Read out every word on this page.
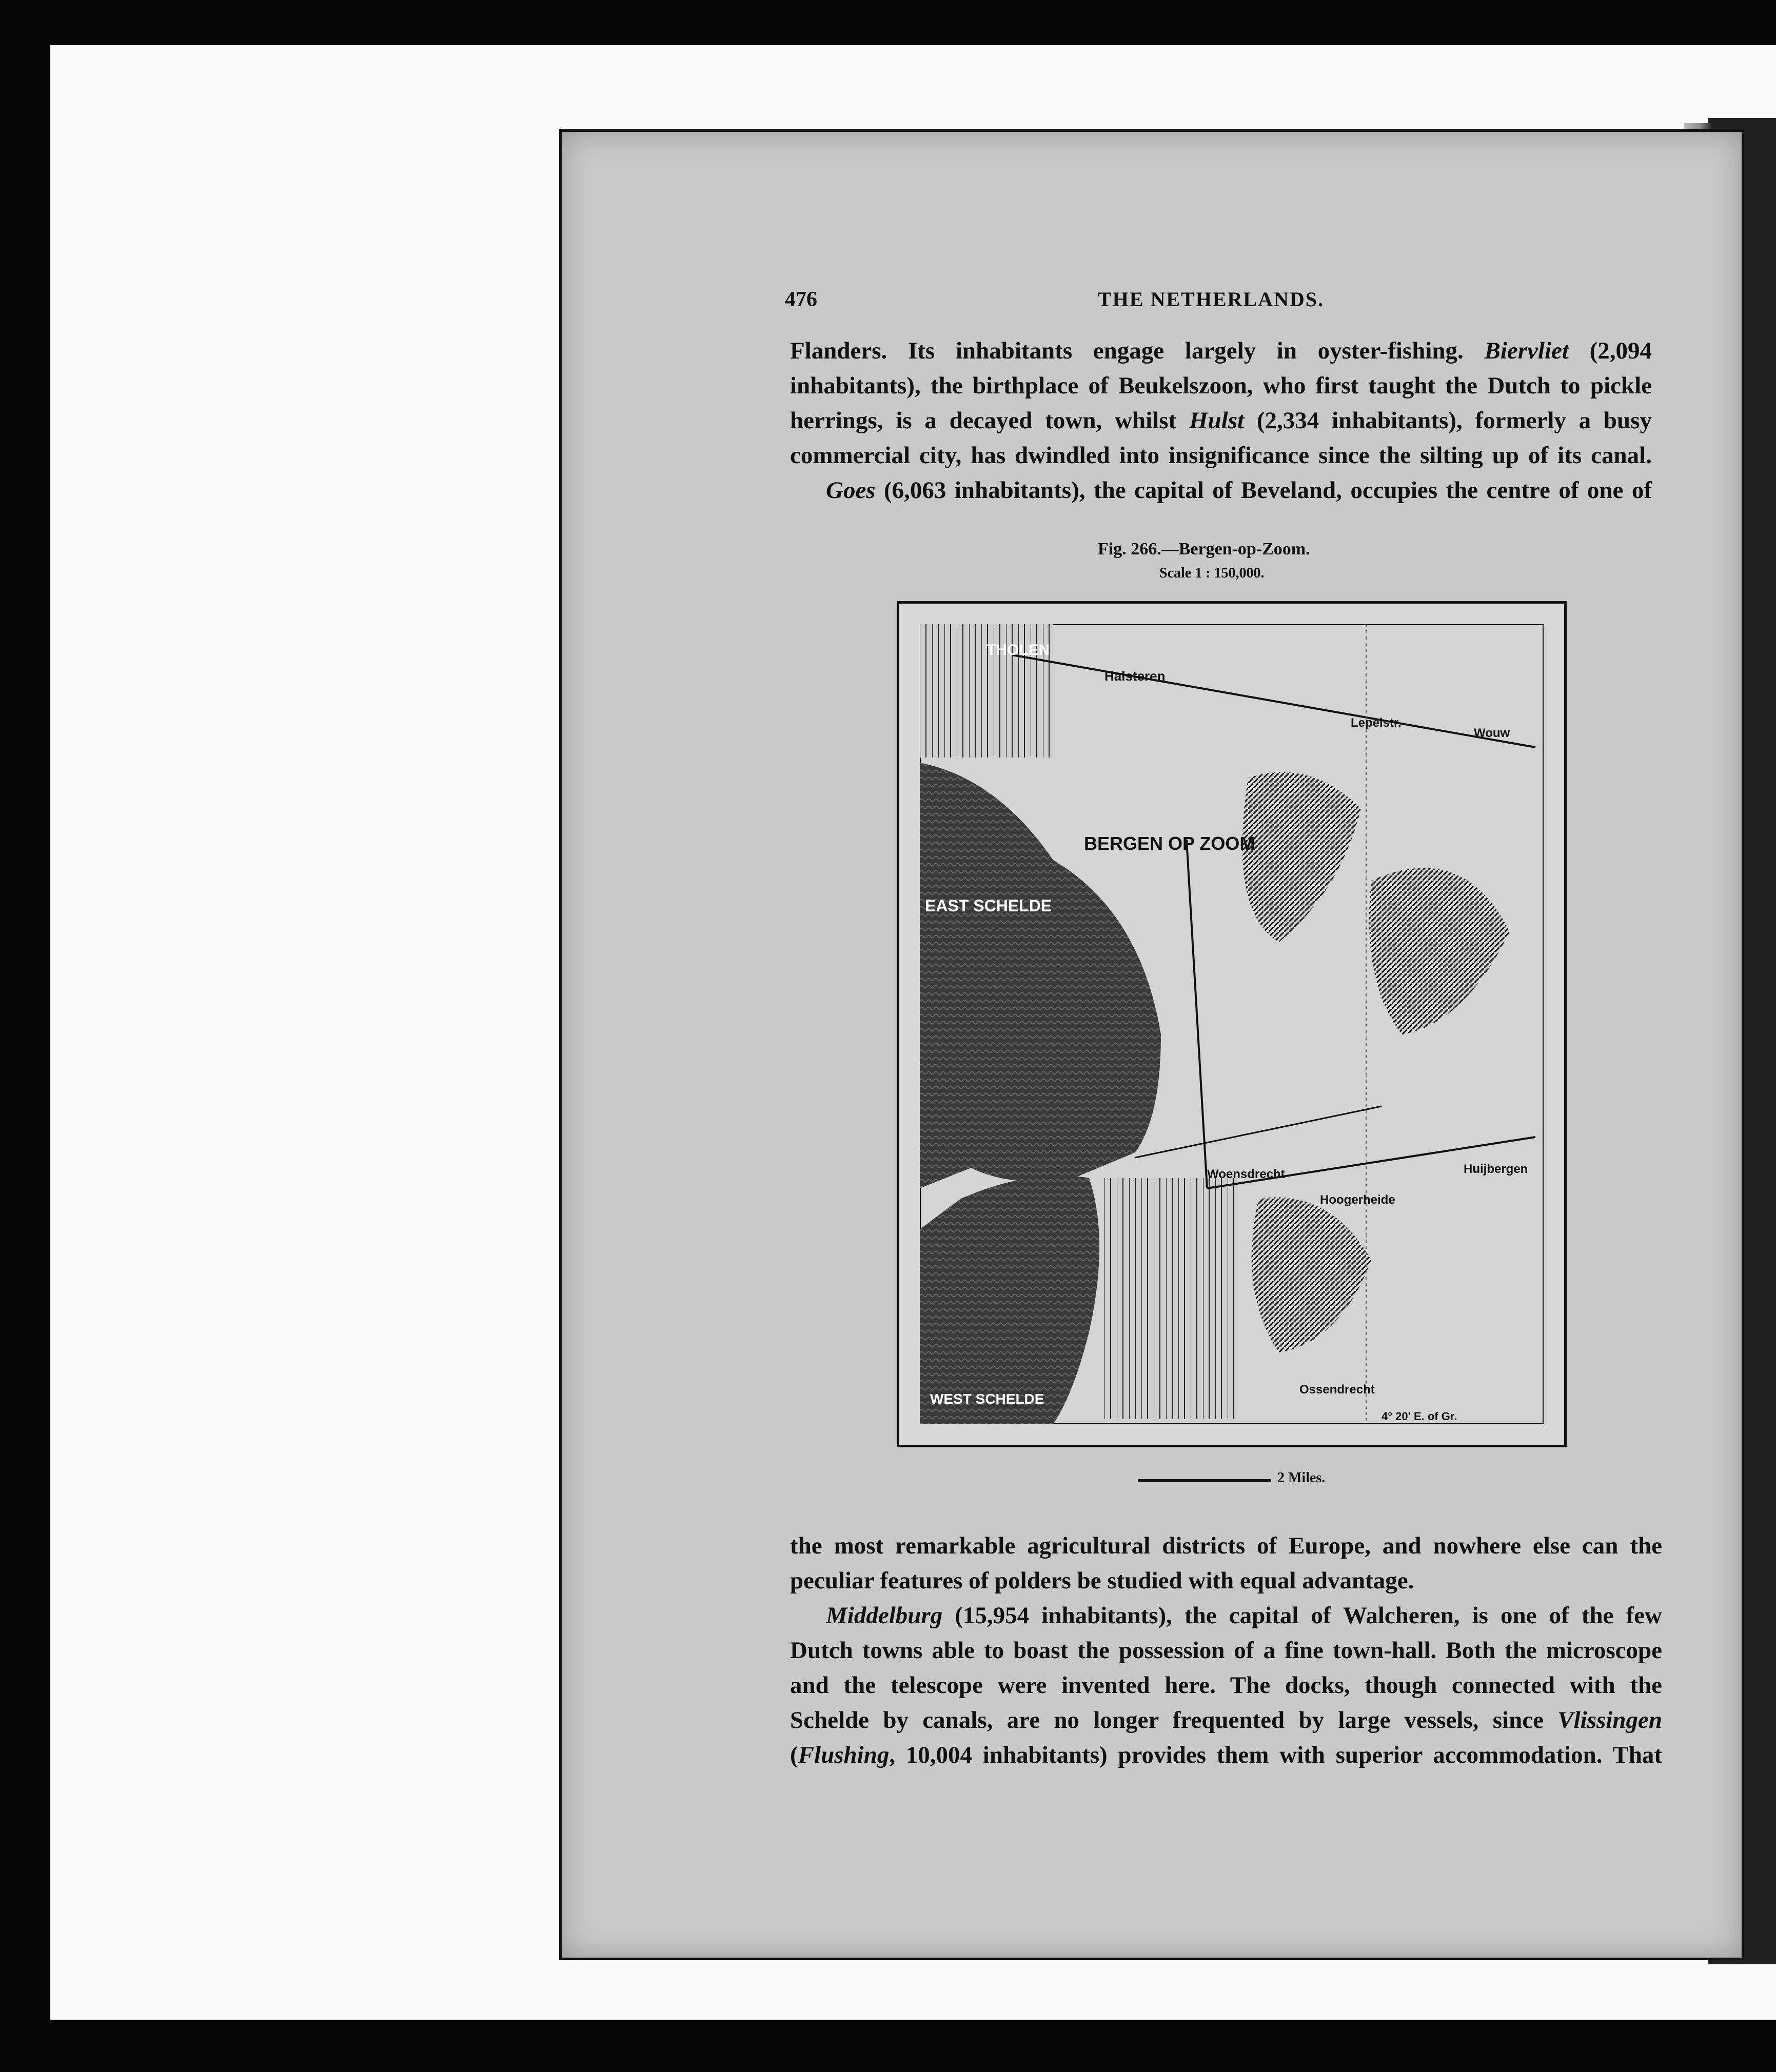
476	THE NETHERLANDS.
Flanders. Its inhabitants engage largely in oyster-fishing. Biervliet (2,094
inhabitants), the birthplace of Beukelszoon, who first taught the Dutch to pickle
herrings, is a decayed town, whilst Hulst (2,334 inhabitants), formerly a busy
commercial city, has dwindled into insignificance since the silting up of its canal.
Goes (6,063 inhabitants), the capital of Beveland, occupies the centre of one of
Fig. 266.—Bergen-op-Zoom.
Scale 1 : 150,000.
THOLEN
Halsteren
Lepelstr.
Wouw
BERGEN OP ZOOM
EAST SCHELDE
Woensdrecht
Hoogerheide
Huijbergen
Ossendrecht
WEST SCHELDE
4° 20' E. of Gr.
2 Miles.
the most remarkable agricultural districts of Europe, and nowhere else can the
peculiar features of polders be studied with equal advantage.
Middelburg (15,954 inhabitants), the capital of Walcheren, is one of the few
Dutch towns able to boast the possession of a fine town-hall. Both the microscope
and the telescope were invented here. The docks, though connected with the
Schelde by canals, are no longer frequented by large vessels, since Vlissingen
(Flushing, 10,004 inhabitants) provides them with superior accommodation. That
